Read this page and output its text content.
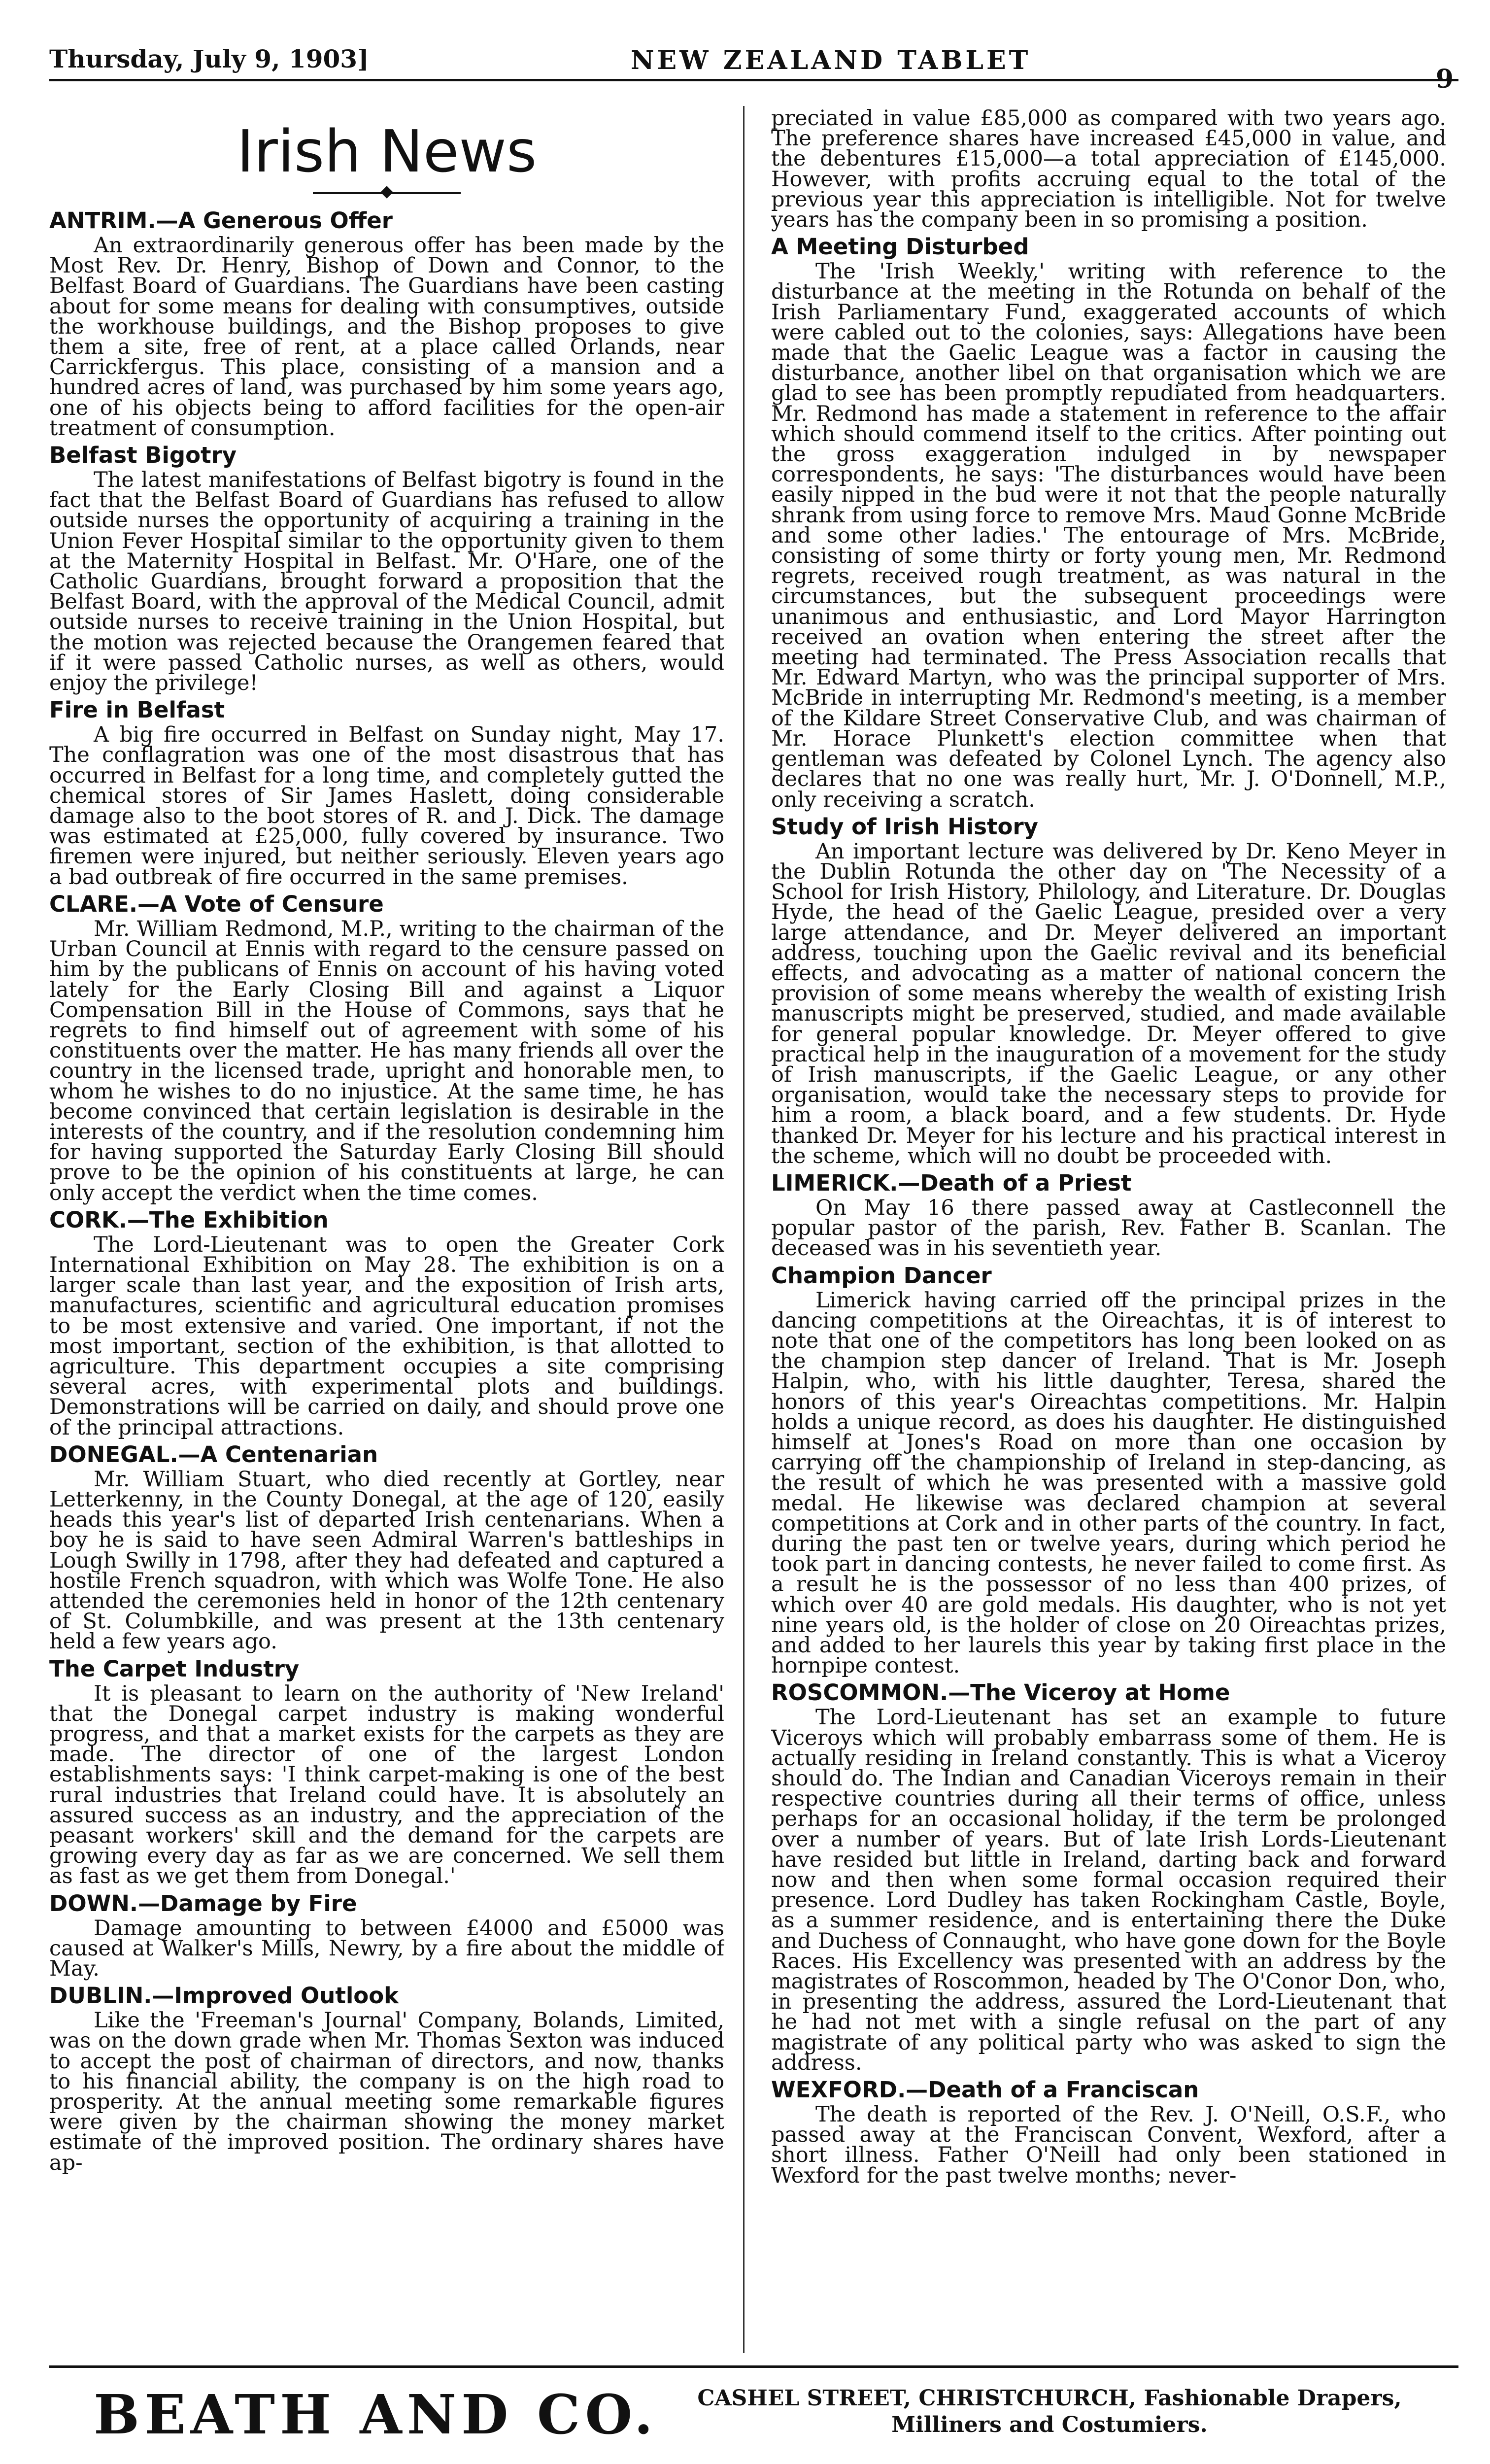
Thursday, July 9, 1903]	NEW ZEALAND TABLET
9
Irish News
ANTRIM.—A Generous Offer

An extraordinarily generous offer has been made by the Most Rev. Dr. Henry, Bishop of Down and Connor, to the Belfast Board of Guardians. The Guardians have been casting about for some means for dealing with consumptives, outside the workhouse buildings, and the Bishop proposes to give them a site, free of rent, at a place called Orlands, near Carrickfergus. This place, consisting of a mansion and a hundred acres of land, was purchased by him some years ago, one of his objects being to afford facilities for the open-air treatment of consumption.

Belfast Bigotry

The latest manifestations of Belfast bigotry is found in the fact that the Belfast Board of Guardians has refused to allow outside nurses the opportunity of acquiring a training in the Union Fever Hospital similar to the opportunity given to them at the Maternity Hospital in Belfast. Mr. O'Hare, one of the Catholic Guardians, brought forward a proposition that the Belfast Board, with the approval of the Medical Council, admit outside nurses to receive training in the Union Hospital, but the motion was rejected because the Orangemen feared that if it were passed Catholic nurses, as well as others, would enjoy the privilege!

Fire in Belfast

A big fire occurred in Belfast on Sunday night, May 17. The conflagration was one of the most disastrous that has occurred in Belfast for a long time, and completely gutted the chemical stores of Sir James Haslett, doing considerable damage also to the boot stores of R. and J. Dick. The damage was estimated at £25,000, fully covered by insurance. Two firemen were injured, but neither seriously. Eleven years ago a bad outbreak of fire occurred in the same premises.

CLARE.—A Vote of Censure

Mr. William Redmond, M.P., writing to the chairman of the Urban Council at Ennis with regard to the censure passed on him by the publicans of Ennis on account of his having voted lately for the Early Closing Bill and against a Liquor Compensation Bill in the House of Commons, says that he regrets to find himself out of agreement with some of his constituents over the matter. He has many friends all over the country in the licensed trade, upright and honorable men, to whom he wishes to do no injustice. At the same time, he has become convinced that certain legislation is desirable in the interests of the country, and if the resolution condemning him for having supported the Saturday Early Closing Bill should prove to be the opinion of his constituents at large, he can only accept the verdict when the time comes.

CORK.—The Exhibition

The Lord-Lieutenant was to open the Greater Cork International Exhibition on May 28. The exhibition is on a larger scale than last year, and the exposition of Irish arts, manufactures, scientific and agricultural education promises to be most extensive and varied. One important, if not the most important, section of the exhibition, is that allotted to agriculture. This department occupies a site comprising several acres, with experimental plots and buildings. Demonstrations will be carried on daily, and should prove one of the principal attractions.

DONEGAL.—A Centenarian

Mr. William Stuart, who died recently at Gortley, near Letterkenny, in the County Donegal, at the age of 120, easily heads this year's list of departed Irish centenarians. When a boy he is said to have seen Admiral Warren's battleships in Lough Swilly in 1798, after they had defeated and captured a hostile French squadron, with which was Wolfe Tone. He also attended the ceremonies held in honor of the 12th centenary of St. Columbkille, and was present at the 13th centenary held a few years ago.

The Carpet Industry

It is pleasant to learn on the authority of 'New Ireland' that the Donegal carpet industry is making wonderful progress, and that a market exists for the carpets as they are made. The director of one of the largest London establishments says: 'I think carpet-making is one of the best rural industries that Ireland could have. It is absolutely an assured success as an industry, and the appreciation of the peasant workers' skill and the demand for the carpets are growing every day as far as we are concerned. We sell them as fast as we get them from Donegal.'

DOWN.—Damage by Fire

Damage amounting to between £4000 and £5000 was caused at Walker's Mills, Newry, by a fire about the middle of May.

DUBLIN.—Improved Outlook

Like the 'Freeman's Journal' Company, Bolands, Limited, was on the down grade when Mr. Thomas Sexton was induced to accept the post of chairman of directors, and now, thanks to his financial ability, the company is on the high road to prosperity. At the annual meeting some remarkable figures were given by the chairman showing the money market estimate of the improved position. The ordinary shares have ap-

preciated in value £85,000 as compared with two years ago. The preference shares have increased £45,000 in value, and the debentures £15,000—a total appreciation of £145,000. However, with profits accruing equal to the total of the previous year this appreciation is intelligible. Not for twelve years has the company been in so promising a position.

A Meeting Disturbed

The 'Irish Weekly,' writing with reference to the disturbance at the meeting in the Rotunda on behalf of the Irish Parliamentary Fund, exaggerated accounts of which were cabled out to the colonies, says: Allegations have been made that the Gaelic League was a factor in causing the disturbance, another libel on that organisation which we are glad to see has been promptly repudiated from headquarters. Mr. Redmond has made a statement in reference to the affair which should commend itself to the critics. After pointing out the gross exaggeration indulged in by newspaper correspondents, he says: 'The disturbances would have been easily nipped in the bud were it not that the people naturally shrank from using force to remove Mrs. Maud Gonne McBride and some other ladies.' The entourage of Mrs. McBride, consisting of some thirty or forty young men, Mr. Redmond regrets, received rough treatment, as was natural in the circumstances, but the subsequent proceedings were unanimous and enthusiastic, and Lord Mayor Harrington received an ovation when entering the street after the meeting had terminated. The Press Association recalls that Mr. Edward Martyn, who was the principal supporter of Mrs. McBride in interrupting Mr. Redmond's meeting, is a member of the Kildare Street Conservative Club, and was chairman of Mr. Horace Plunkett's election committee when that gentleman was defeated by Colonel Lynch. The agency also declares that no one was really hurt, Mr. J. O'Donnell, M.P., only receiving a scratch.

Study of Irish History

An important lecture was delivered by Dr. Keno Meyer in the Dublin Rotunda the other day on 'The Necessity of a School for Irish History, Philology, and Literature. Dr. Douglas Hyde, the head of the Gaelic League, presided over a very large attendance, and Dr. Meyer delivered an important address, touching upon the Gaelic revival and its beneficial effects, and advocating as a matter of national concern the provision of some means whereby the wealth of existing Irish manuscripts might be preserved, studied, and made available for general popular knowledge. Dr. Meyer offered to give practical help in the inauguration of a movement for the study of Irish manuscripts, if the Gaelic League, or any other organisation, would take the necessary steps to provide for him a room, a black board, and a few students. Dr. Hyde thanked Dr. Meyer for his lecture and his practical interest in the scheme, which will no doubt be proceeded with.

LIMERICK.—Death of a Priest

On May 16 there passed away at Castleconnell the popular pastor of the parish, Rev. Father B. Scanlan. The deceased was in his seventieth year.

Champion Dancer

Limerick having carried off the principal prizes in the dancing competitions at the Oireachtas, it is of interest to note that one of the competitors has long been looked on as the champion step dancer of Ireland. That is Mr. Joseph Halpin, who, with his little daughter, Teresa, shared the honors of this year's Oireachtas competitions. Mr. Halpin holds a unique record, as does his daughter. He distinguished himself at Jones's Road on more than one occasion by carrying off the championship of Ireland in step-dancing, as the result of which he was presented with a massive gold medal. He likewise was declared champion at several competitions at Cork and in other parts of the country. In fact, during the past ten or twelve years, during which period he took part in dancing contests, he never failed to come first. As a result he is the possessor of no less than 400 prizes, of which over 40 are gold medals. His daughter, who is not yet nine years old, is the holder of close on 20 Oireachtas prizes, and added to her laurels this year by taking first place in the hornpipe contest.

ROSCOMMON.—The Viceroy at Home

The Lord-Lieutenant has set an example to future Viceroys which will probably embarrass some of them. He is actually residing in Ireland constantly. This is what a Viceroy should do. The Indian and Canadian Viceroys remain in their respective countries during all their terms of office, unless perhaps for an occasional holiday, if the term be prolonged over a number of years. But of late Irish Lords-Lieutenant have resided but little in Ireland, darting back and forward now and then when some formal occasion required their presence. Lord Dudley has taken Rockingham Castle, Boyle, as a summer residence, and is entertaining there the Duke and Duchess of Connaught, who have gone down for the Boyle Races. His Excellency was presented with an address by the magistrates of Roscommon, headed by The O'Conor Don, who, in presenting the address, assured the Lord-Lieutenant that he had not met with a single refusal on the part of any magistrate of any political party who was asked to sign the address.

WEXFORD.—Death of a Franciscan

The death is reported of the Rev. J. O'Neill, O.S.F., who passed away at the Franciscan Convent, Wexford, after a short illness. Father O'Neill had only been stationed in Wexford for the past twelve months; never-

BEATH AND CO.	CASHEL STREET, CHRISTCHURCH, Fashionable Drapers,
Milliners and Costumiers.
